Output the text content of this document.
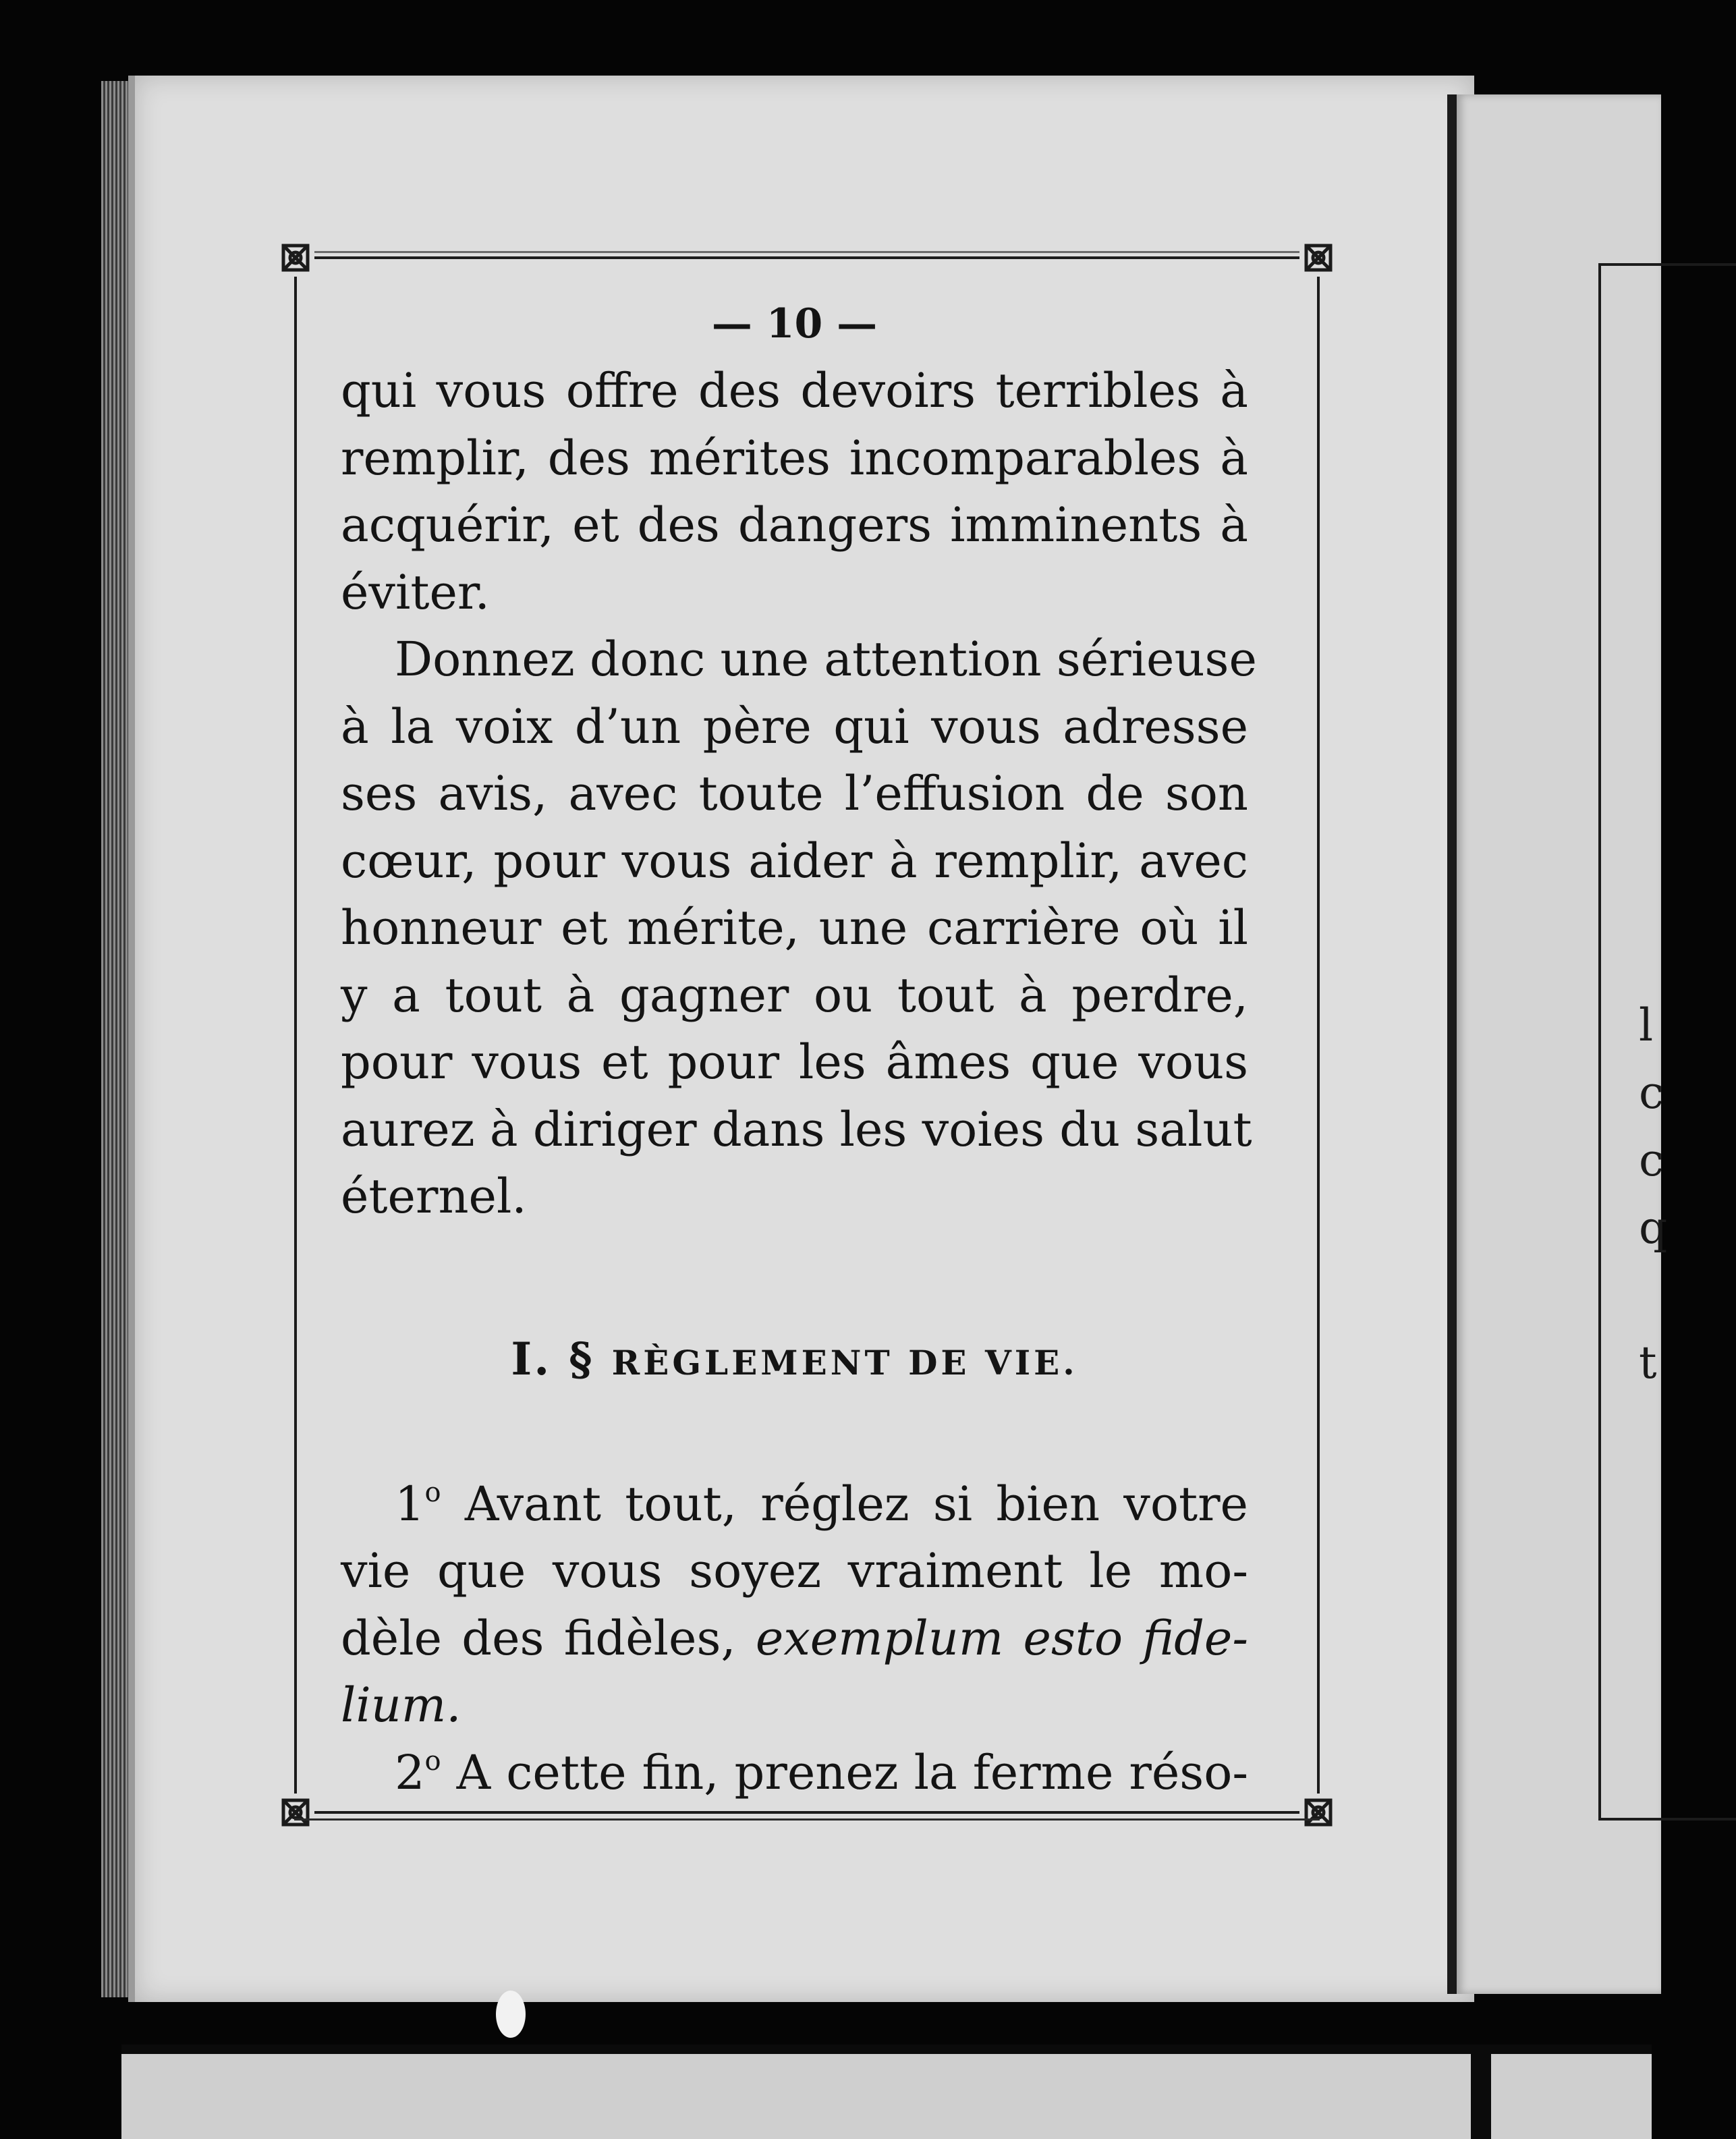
l
c
c
q
t
— 10 —
qui vous offre des devoirs terribles à
remplir, des mérites incomparables à
acquérir, et des dangers imminents à
éviter.
Donnez donc une attention sérieuse
à la voix d’un père qui vous adresse
ses avis, avec toute l’effusion de son
cœur, pour vous aider à remplir, avec
honneur et mérite, une carrière où il
y a tout à gagner ou tout à perdre,
pour vous et pour les âmes que vous
aurez à diriger dans les voies du salut
éternel.
I. § RÈGLEMENT DE VIE.
1$^o$ Avant tout, réglez si bien votre
vie que vous soyez vraiment le mo-
dèle des fidèles, exemplum esto fide-
lium.
2$^o$ A cette fin, prenez la ferme réso-
